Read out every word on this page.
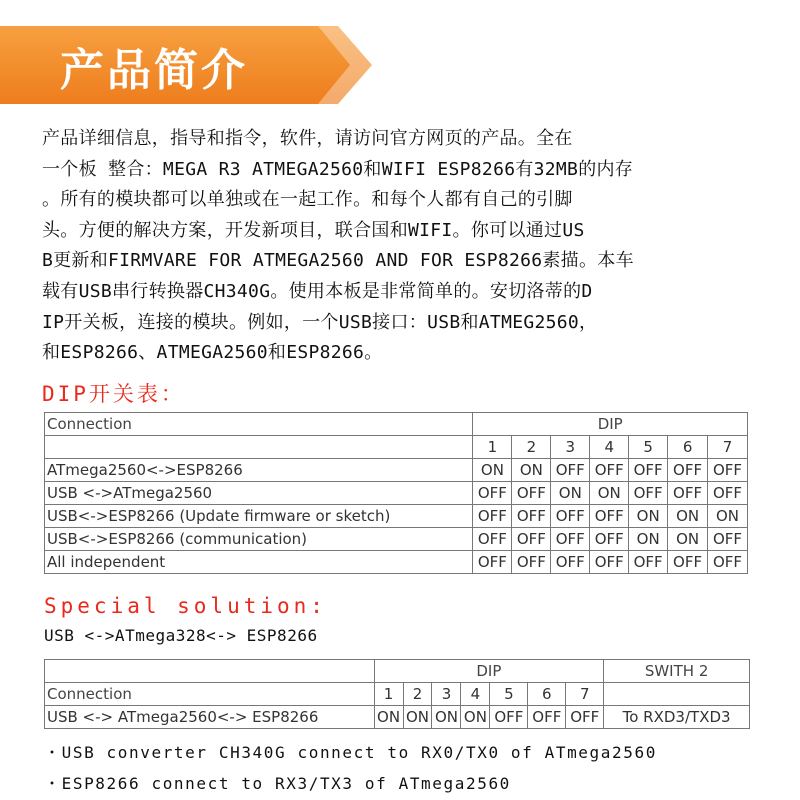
产品简介
产品详细信息，指导和指令，软件，请访问官方网页的产品。全在
一个板 整合：MEGA R3 ATMEGA2560和WIFI ESP8266有32MB的内存
。所有的模块都可以单独或在一起工作。和每个人都有自己的引脚
头。方便的解决方案，开发新项目，联合国和WIFI。你可以通过US
B更新和FIRMVARE FOR ATMEGA2560 AND FOR ESP8266素描。本车
载有USB串行转换器CH340G。使用本板是非常简单的。安切洛蒂的D
IP开关板，连接的模块。例如，一个USB接口：USB和ATMEG2560，
和ESP8266、ATMEGA2560和ESP8266。
DIP开关表：
Connection	DIP						
	1	2	3	4	5	6	7
ATmega2560<->ESP8266	ON	ON	OFF	OFF	OFF	OFF	OFF
USB <->ATmega2560	OFF	OFF	ON	ON	OFF	OFF	OFF
USB<->ESP8266 (Update firmware or sketch)	OFF	OFF	OFF	OFF	ON	ON	ON
USB<->ESP8266 (communication)	OFF	OFF	OFF	OFF	ON	ON	OFF
All independent	OFF	OFF	OFF	OFF	OFF	OFF	OFF
Special solution:
USB <->ATmega328<-> ESP8266
	DIP							SWITH 2
Connection	1	2	3	4	5	6	7	
USB <-> ATmega2560<-> ESP8266	ON	ON	ON	ON	OFF	OFF	OFF	To RXD3/TXD3
・USB converter CH340G connect to RX0/TX0 of ATmega2560
・ESP8266 connect to RX3/TX3 of ATmega2560
